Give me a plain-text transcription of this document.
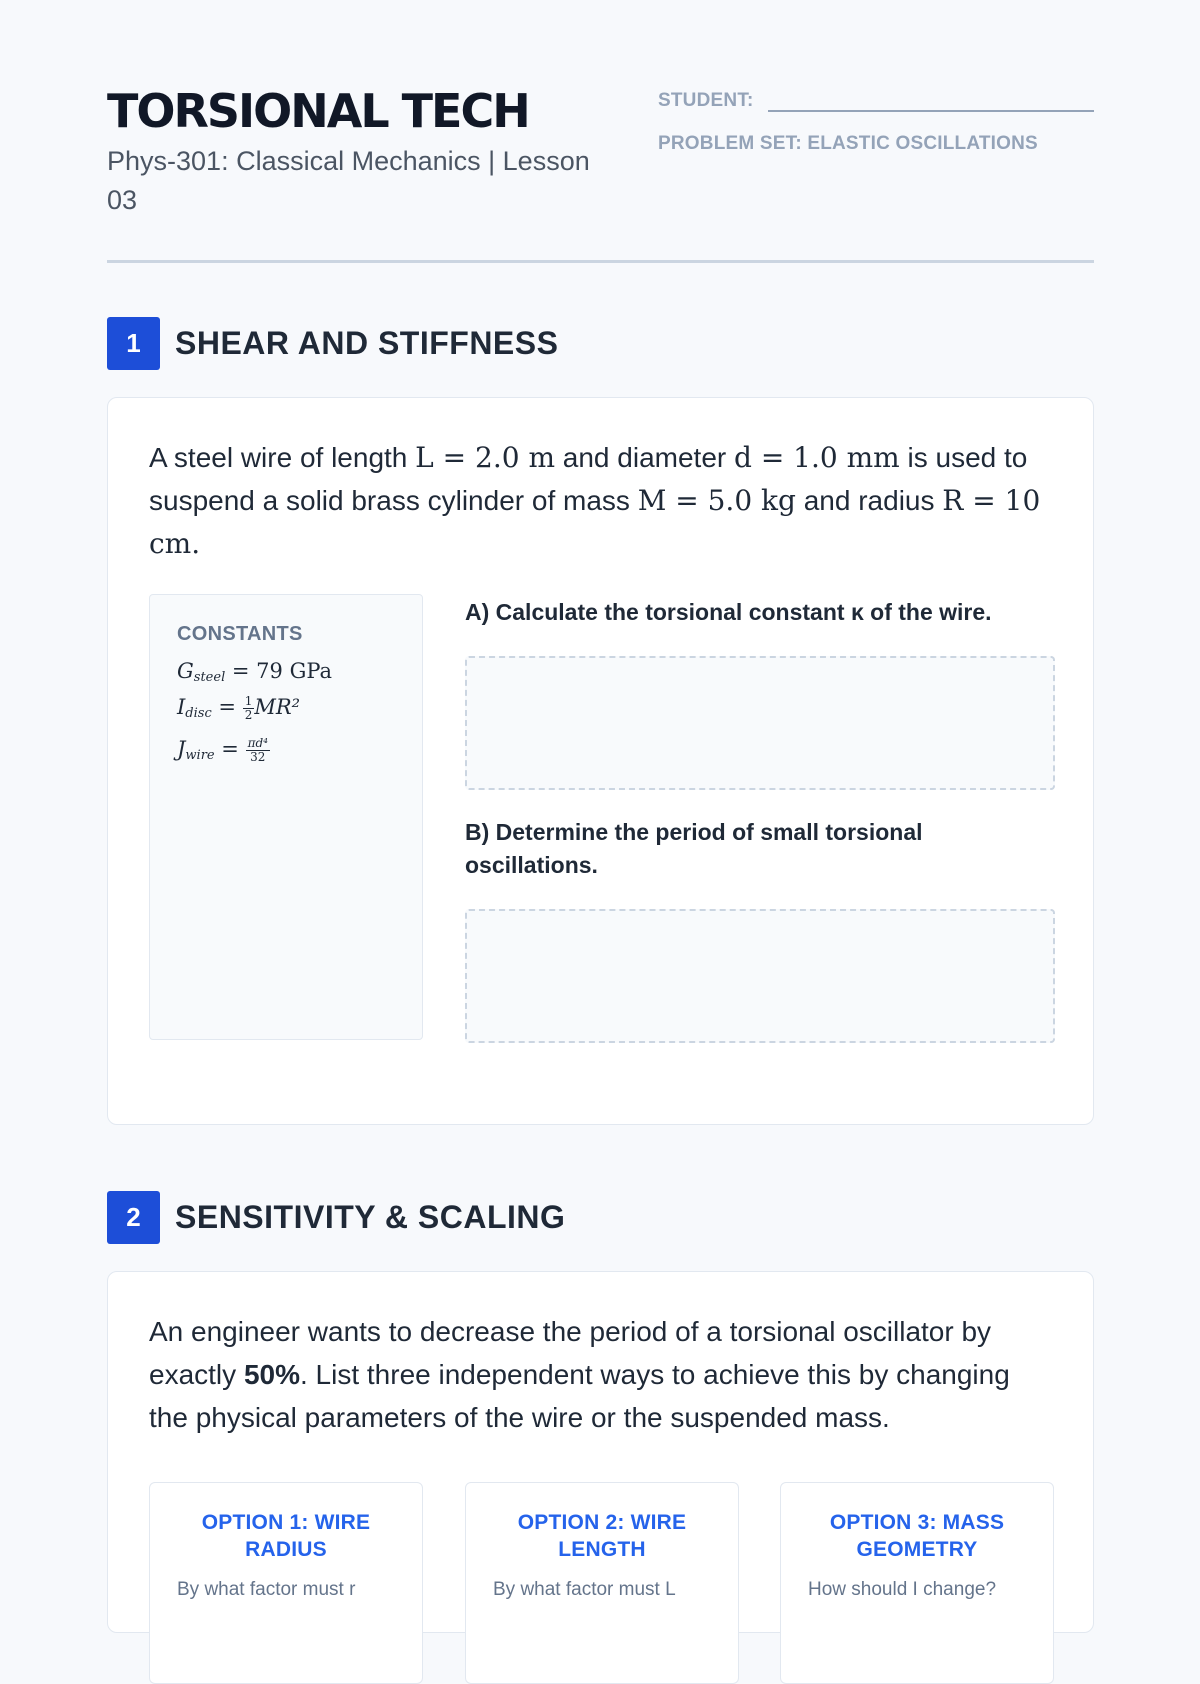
TORSIONAL TECH
Phys-301: Classical Mechanics | Lesson 03
STUDENT:
PROBLEM SET: ELASTIC OSCILLATIONS
1	SHEAR AND STIFFNESS
A steel wire of length L = 2.0 m and diameter d = 1.0 mm is used to suspend a solid brass cylinder of mass M = 5.0 kg and radius R = 10 cm.
CONSTANTS
$G_{steel} = 79$ GPa
$I_{disc} = \frac{1}{2} MR^2$
$J_{wire} = \frac{\text{πd⁴}}{32}$
A) Calculate the torsional constant κ of the wire.
B) Determine the period of small torsional oscillations.
2	SENSITIVITY & SCALING
An engineer wants to decrease the period of a torsional oscillator by exactly 50%. List three independent ways to achieve this by changing the physical parameters of the wire or the suspended mass.
OPTION 1: WIRE RADIUS
By what factor must r
OPTION 2: WIRE LENGTH
By what factor must L
OPTION 3: MASS GEOMETRY
How should I change?
